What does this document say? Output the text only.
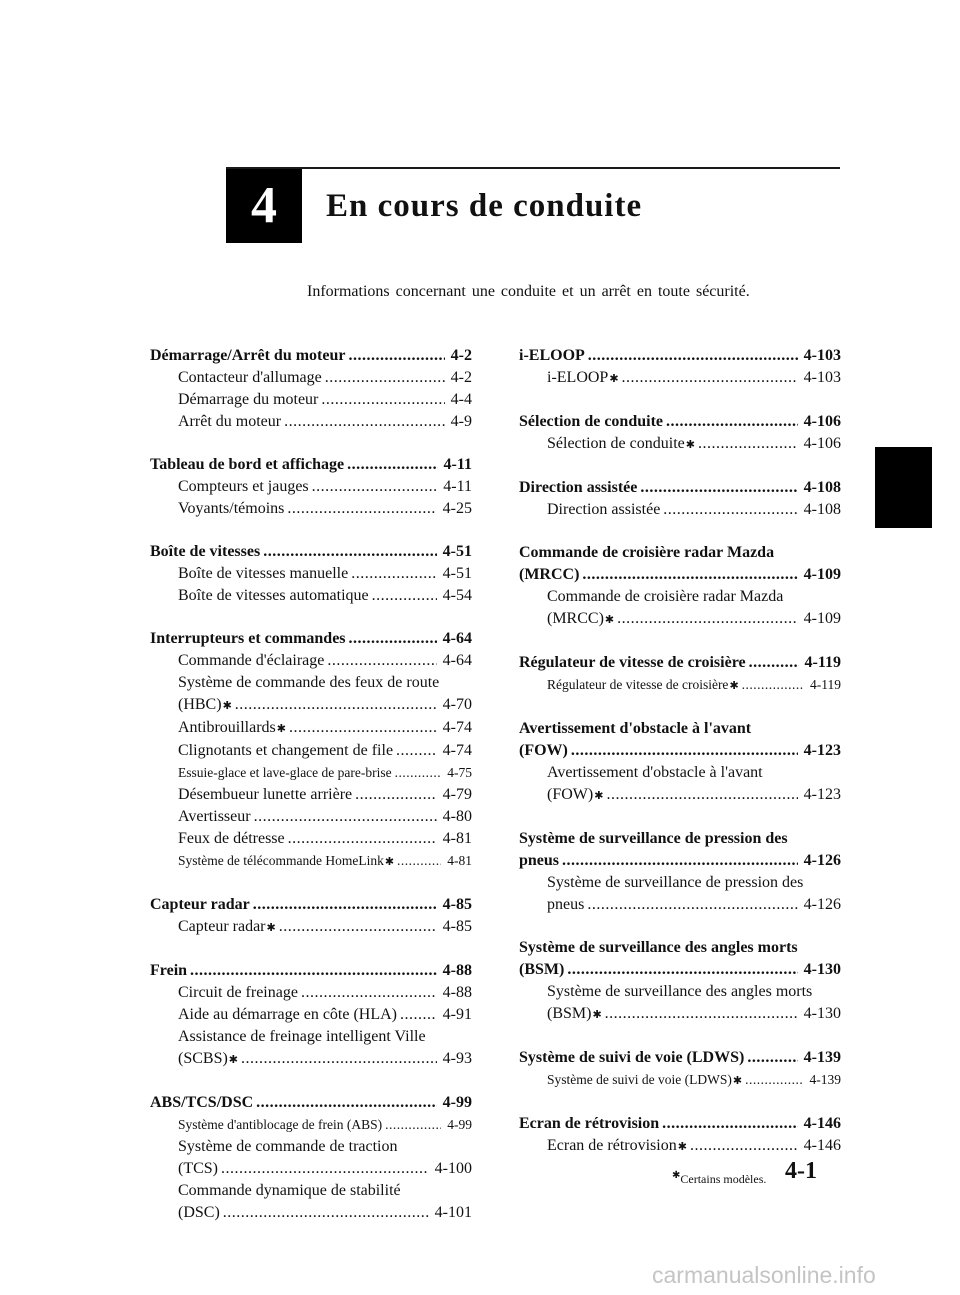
4	En cours de conduite
Informations concernant une conduite et un arrêt en toute sécurité.
Démarrage/Arrêt du moteur .....	4-2
Contacteur d'allumage .....	4-2
Démarrage du moteur .....	4-4
Arrêt du moteur .....	4-9
Tableau de bord et affichage .....	4-11
Compteurs et jauges .....	4-11
Voyants/témoins .....	4-25
Boîte de vitesses .....	4-51
Boîte de vitesses manuelle .....	4-51
Boîte de vitesses automatique .....	4-54
Interrupteurs et commandes .....	4-64
Commande d'éclairage .....	4-64
Système de commande des feux de route
(HBC) ✱ .....	4-70
Antibrouillards ✱ .....	4-74
Clignotants et changement de file .....	4-74
Essuie-glace et lave-glace de pare-brise .....	4-75
Désembueur lunette arrière .....	4-79
Avertisseur .....	4-80
Feux de détresse .....	4-81
Système de télécommande HomeLink ✱ .....	4-81
Capteur radar .....	4-85
Capteur radar ✱ .....	4-85
Frein .....	4-88
Circuit de freinage .....	4-88
Aide au démarrage en côte (HLA) .....	4-91
Assistance de freinage intelligent Ville
(SCBS) ✱ .....	4-93
ABS/TCS/DSC .....	4-99
Système d'antiblocage de frein (ABS) .....	4-99
Système de commande de traction
(TCS) .....	4-100
Commande dynamique de stabilité
(DSC) .....	4-101
i-ELOOP .....	4-103
i-ELOOP ✱ .....	4-103
Sélection de conduite .....	4-106
Sélection de conduite ✱ .....	4-106
Direction assistée .....	4-108
Direction assistée .....	4-108
Commande de croisière radar Mazda
(MRCC) .....	4-109
Commande de croisière radar Mazda
(MRCC) ✱ .....	4-109
Régulateur de vitesse de croisière .....	4-119
Régulateur de vitesse de croisière ✱ .....	4-119
Avertissement d'obstacle à l'avant
(FOW) .....	4-123
Avertissement d'obstacle à l'avant
(FOW) ✱ .....	4-123
Système de surveillance de pression des
pneus .....	4-126
Système de surveillance de pression des
pneus .....	4-126
Système de surveillance des angles morts
(BSM) .....	4-130
Système de surveillance des angles morts
(BSM) ✱ .....	4-130
Système de suivi de voie (LDWS) .....	4-139
Système de suivi de voie (LDWS) ✱ .....	4-139
Ecran de rétrovision .....	4-146
Ecran de rétrovision ✱ .....	4-146
✱Certains modèles. 4-1
carmanualsonline.info
